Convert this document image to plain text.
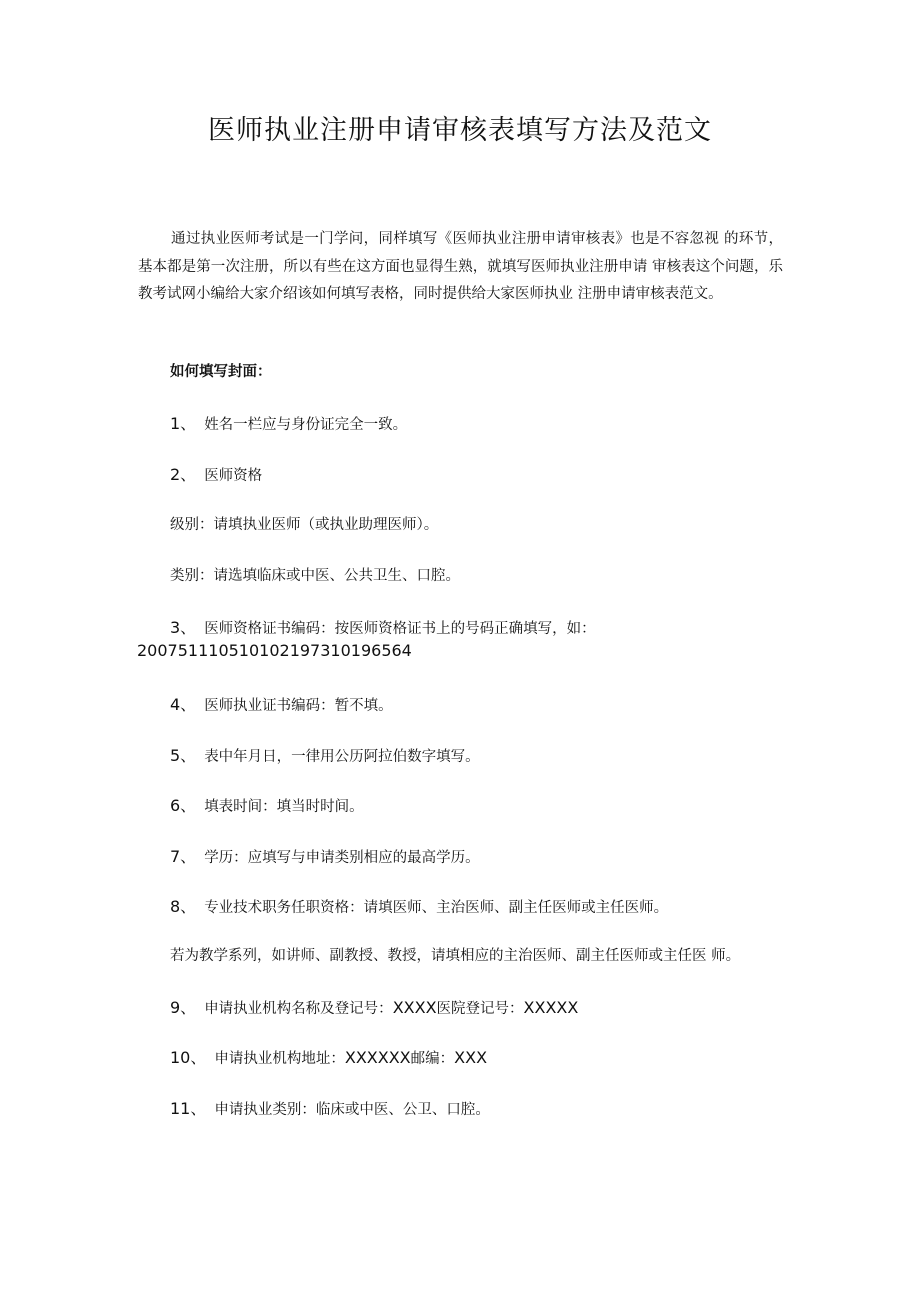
医师执业注册申请审核表填写方法及范文

通过执业医师考试是一门学问，同样填写《医师执业注册申请审核表》也是不容忽视 的环节，基本都是第一次注册，所以有些在这方面也显得生熟，就填写医师执业注册申请 审核表这个问题，乐教考试网小编给大家介绍该如何填写表格，同时提供给大家医师执业 注册申请审核表范文。

如何填写封面：

1、 姓名一栏应与身份证完全一致。

2、 医师资格

级别：请填执业医师（或执业助理医师）。

类别：请选填临床或中医、公共卫生、口腔。

3、 医师资格证书编码：按医师资格证书上的号码正确填写，如：

200751110510102197310196564

4、 医师执业证书编码：暂不填。

5、 表中年月日，一律用公历阿拉伯数字填写。

6、 填表时间：填当时时间。

7、 学历：应填写与申请类别相应的最高学历。

8、 专业技术职务任职资格：请填医师、主治医师、副主任医师或主任医师。

若为教学系列，如讲师、副教授、教授，请填相应的主治医师、副主任医师或主任医 师。

9、 申请执业机构名称及登记号：XXXX医院登记号：XXXXX

10、 申请执业机构地址：XXXXXX邮编：XXX

11、 申请执业类别：临床或中医、公卫、口腔。
